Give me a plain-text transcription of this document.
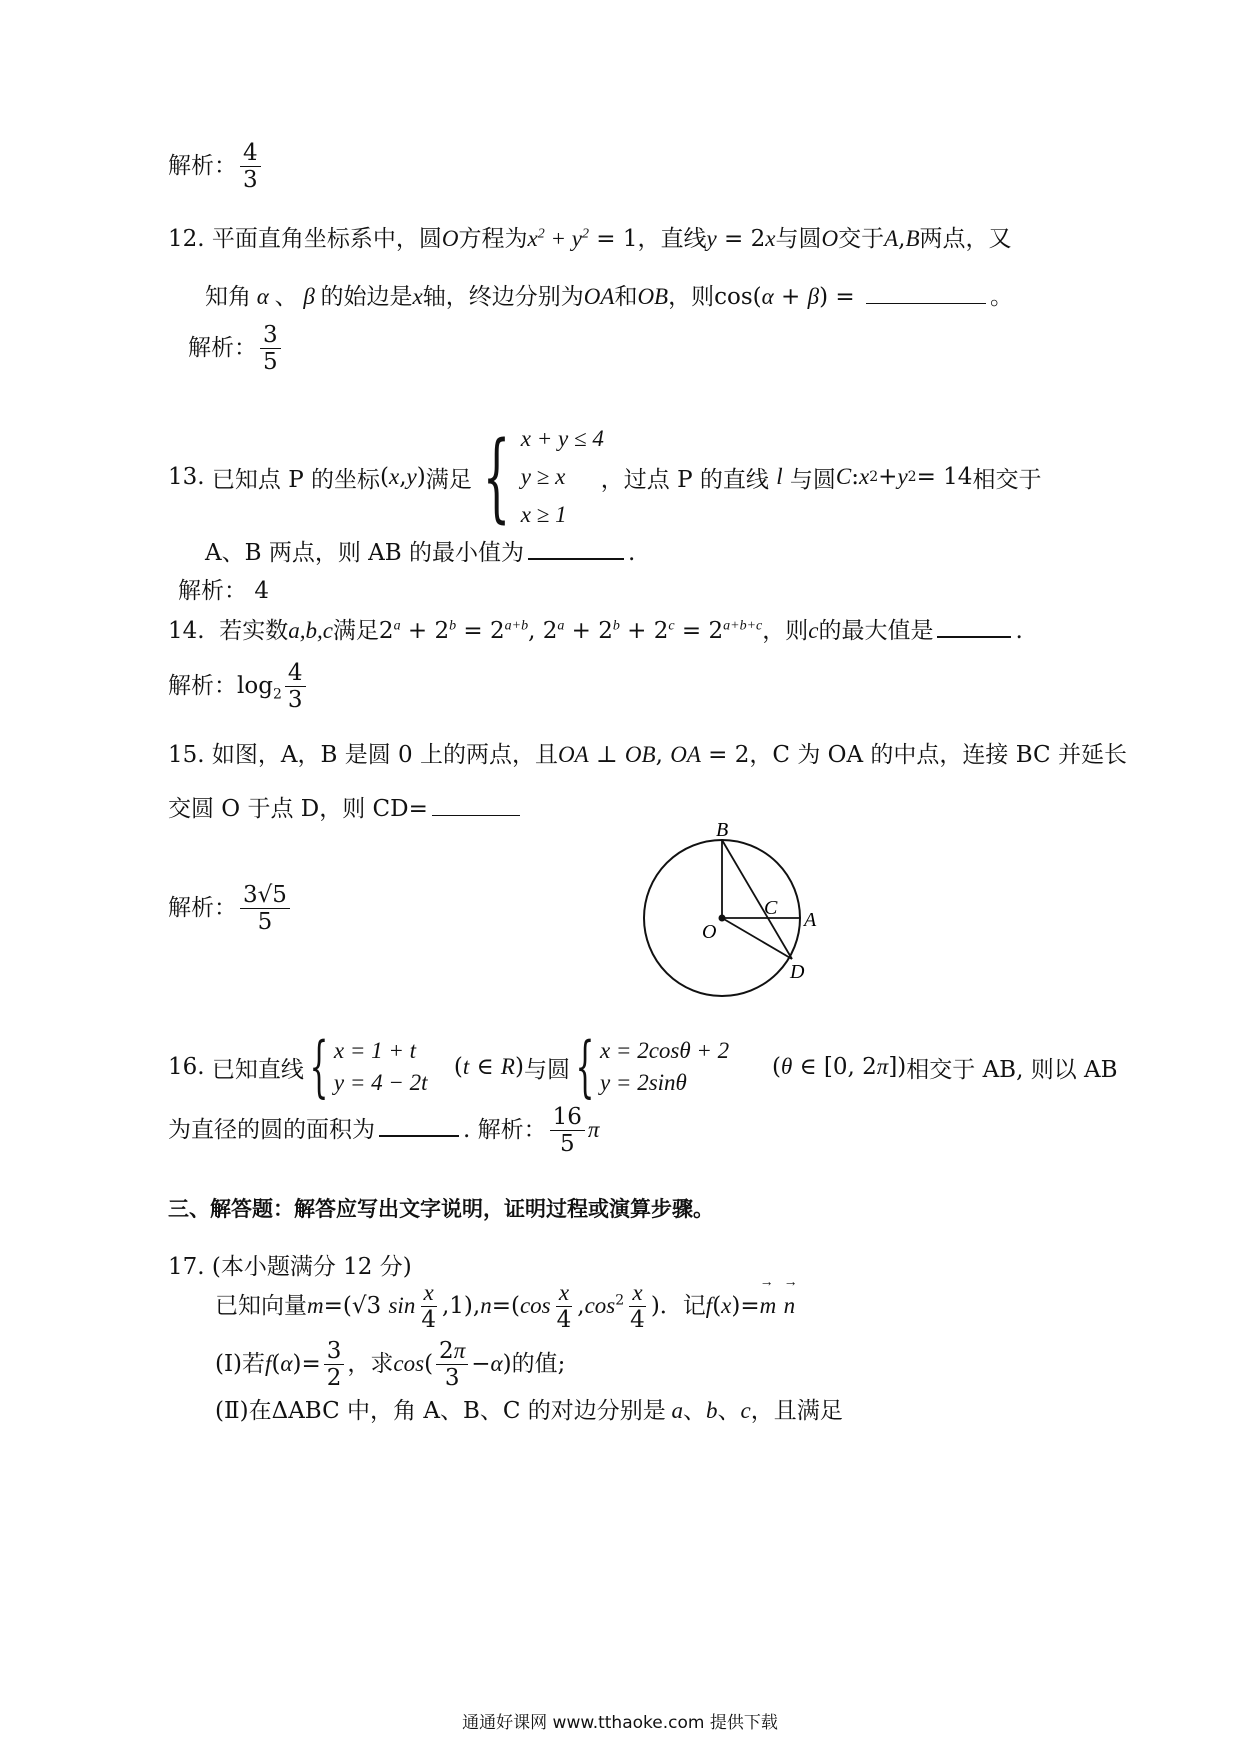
解析： $\frac{4}{3}$
12. 平面直角坐标系中，圆O方程为$x^2 + y^2 = 1$，直线y = 2x与圆O交于A,B两点，又
知角 α 、 β 的始边是x轴，终边分别为OA和OB，则cos(α + β) =	。
解析： $\frac{3}{5}$
13.
已知点 P 的坐标 ( x , y ) 满足 { x + y ≤ 4
y ≥ x
x ≥ 1
，过点 P 的直线
l
与圆 C : x 2 + y 2 = 14 相交于
A、B 两点，则 AB 的最小值为	.
解析： 4
14. 若实数a,b,c满足$2^a + 2^b = 2^{a+b}$, $2^a + 2^b + 2^c = 2^{a+b+c}$，则c的最大值是	.
解析：$\log_2 \frac{4}{3}$
15. 如图，A，B 是圆 0 上的两点，且OA ⊥ OB, OA = 2，C 为 OA 的中点，连接 BC 并延长
交圆 O 于点 D，则 CD=
解析： $\frac{3√5}{5}$
B
C
A
O
D
16.
已知直线 { x = 1 + t
y = 4 − 2t
(t ∈ R) 与圆 { x = 2cosθ + 2
y = 2sinθ
(θ ∈ [0, 2π]) 相交于 AB, 则以 AB
为直径的圆的面积为	. 解析： $\frac{16}{5}$ π
三、解答题：解答应写出文字说明，证明过程或演算步骤。
17. (本小题满分 12 分)
已知向量m=(√3 $\sin \frac{x}{4} ,1),n=(\cos \frac{x}{4} ,\cos^2 \frac{x}{4}$ )．记f(x)=→ m → n
(I)若$f(\alpha)= \frac{3}{2}$ ，求$\cos( \frac{2\pi}{3} -\alpha)$的值;
(Ⅱ)在ΔABC 中，角 A、B、C 的对边分别是 a、b、c，且满足
通通好课网 www.tthaoke.com 提供下载
